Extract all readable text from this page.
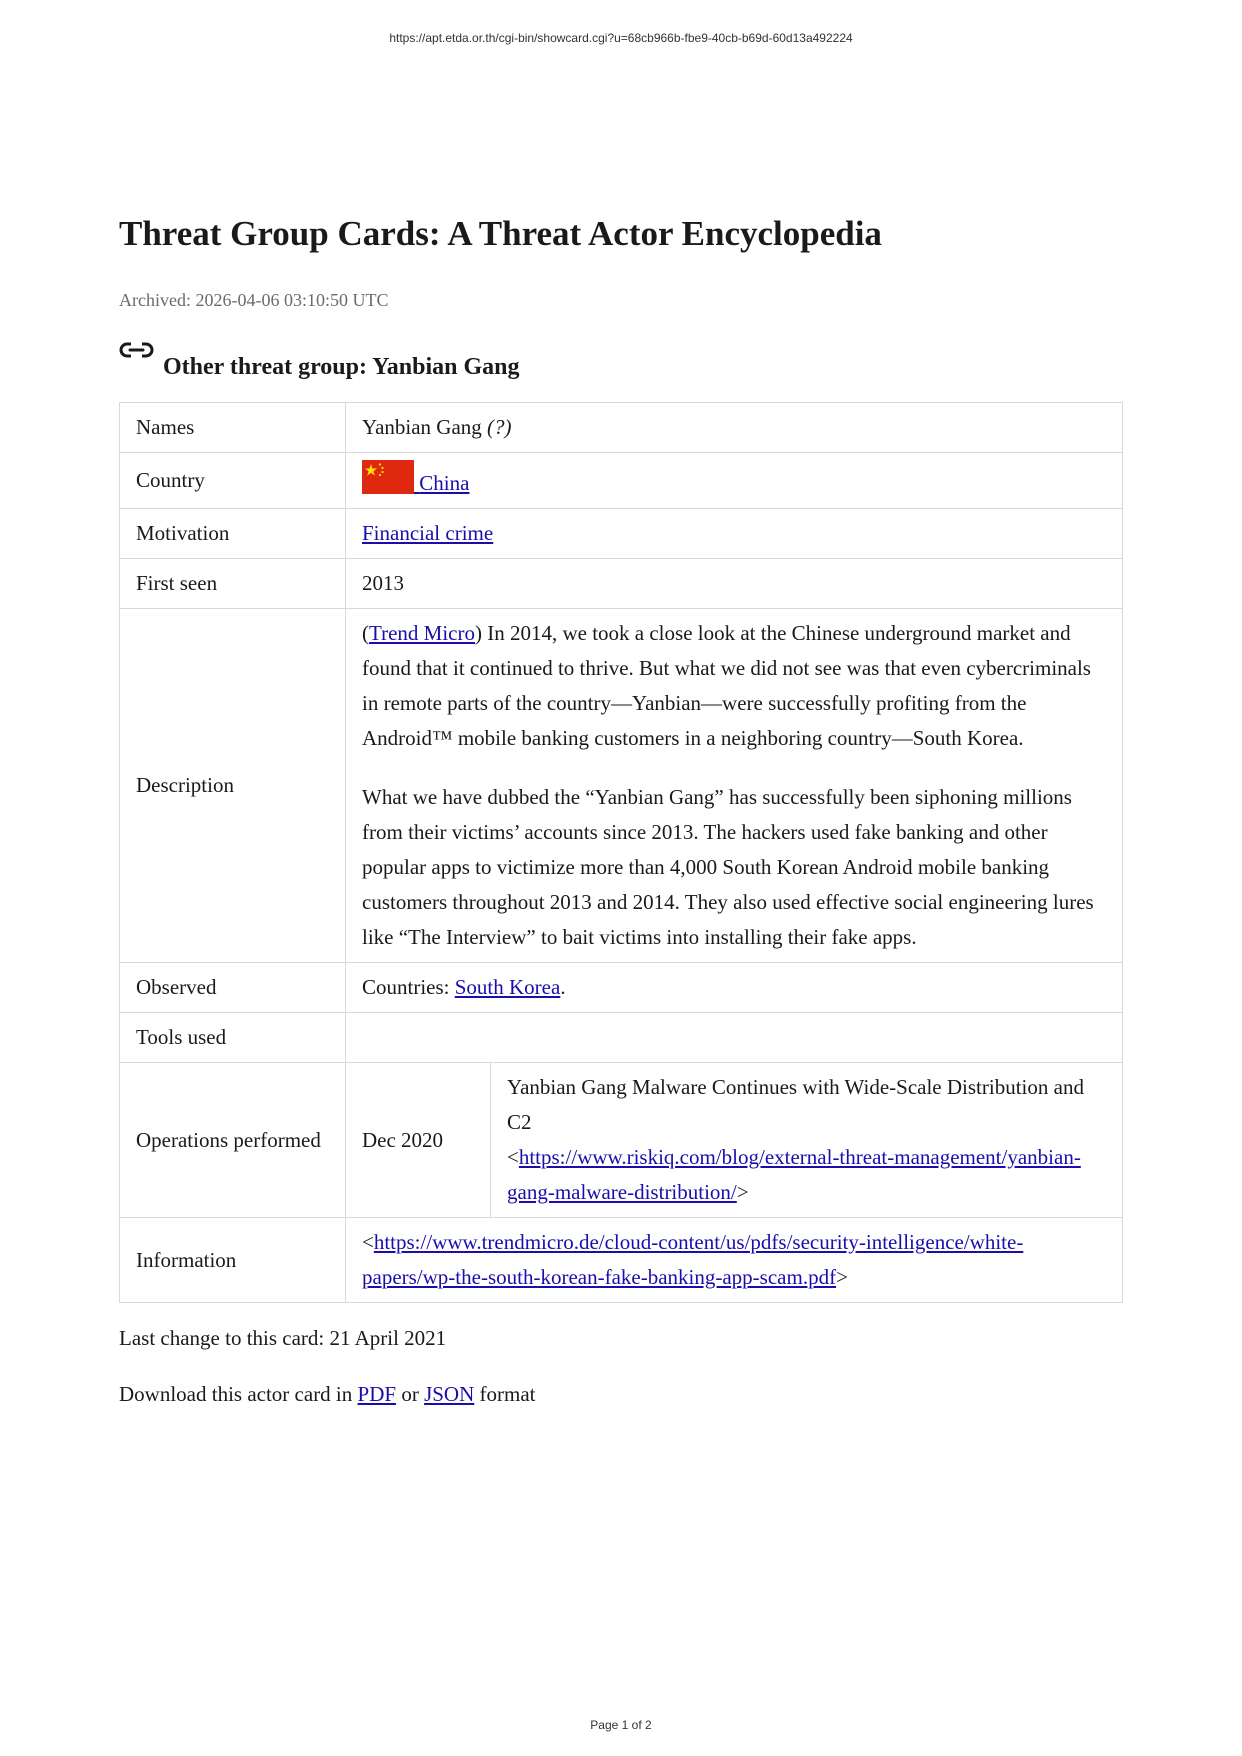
https://apt.etda.or.th/cgi-bin/showcard.cgi?u=68cb966b-fbe9-40cb-b69d-60d13a492224
Threat Group Cards: A Threat Actor Encyclopedia
Archived: 2026-04-06 03:10:50 UTC
Other threat group: Yanbian Gang
Names	Yanbian Gang (?)	
Country	China	
Motivation	Financial crime	
First seen	2013	
Description	(Trend Micro) In 2014, we took a close look at the Chinese underground market and found that it continued to thrive. But what we did not see was that even cybercriminals in remote parts of the country—Yanbian—were successfully profiting from the Android™ mobile banking customers in a neighboring country—South Korea.

What we have dubbed the “Yanbian Gang” has successfully been siphoning millions from their victims’ accounts since 2013. The hackers used fake banking and other popular apps to victimize more than 4,000 South Korean Android mobile banking customers throughout 2013 and 2014. They also used effective social engineering lures like “The Interview” to bait victims into installing their fake apps.	

Observed	Countries: South Korea.	
Tools used		
Operations performed	Dec 2020	Yanbian Gang Malware Continues with Wide-Scale Distribution and C2
<https://www.riskiq.com/blog/external-threat-management/yanbian-gang-malware-distribution/>
Information	<https://www.trendmicro.de/cloud-content/us/pdfs/security-intelligence/white-papers/wp-the-south-korean-fake-banking-app-scam.pdf>	
Last change to this card: 21 April 2021
Download this actor card in PDF or JSON format
Page 1 of 2
